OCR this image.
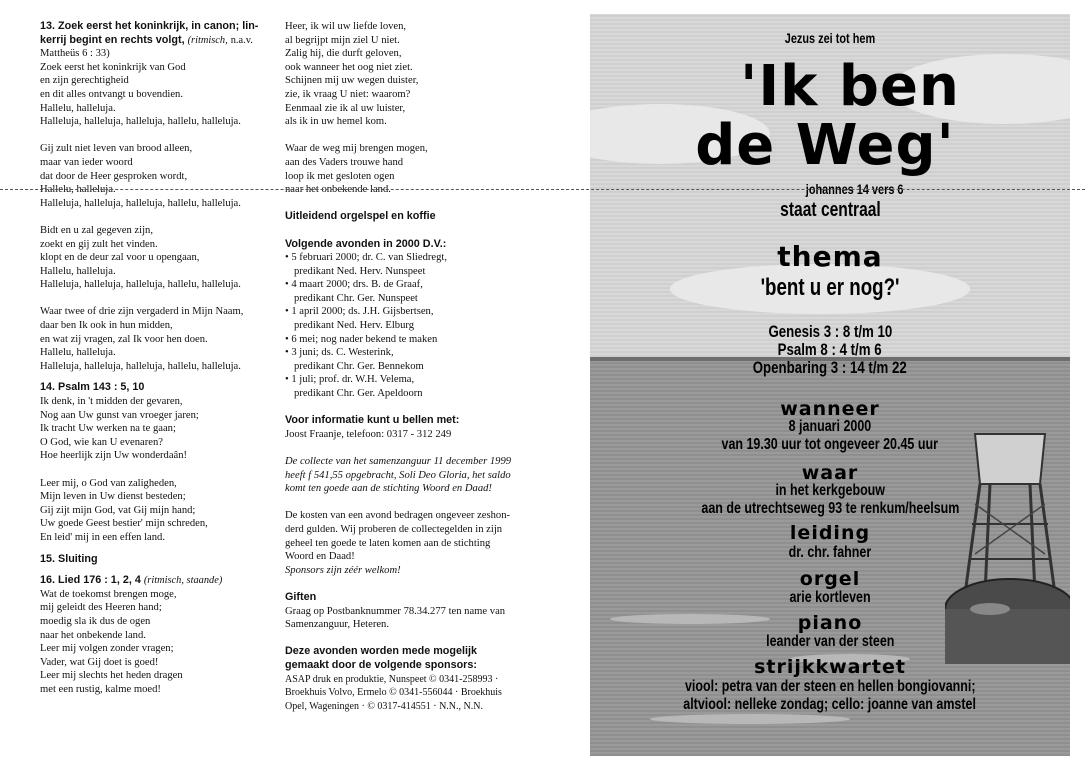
13. Zoek eerst het koninkrijk, in canon; lin-
kerrij begint en rechts volgt, (ritmisch, n.a.v.
Mattheüs 6 : 33)
Zoek eerst het koninkrijk van God
en zijn gerechtigheid
en dit alles ontvangt u bovendien.
Hallelu, halleluja.
Halleluja, halleluja, halleluja, hallelu, halleluja.
Gij zult niet leven van brood alleen,
maar van ieder woord
dat door de Heer gesproken wordt,
Hallelu, halleluja.
Halleluja, halleluja, halleluja, hallelu, halleluja.
Bidt en u zal gegeven zijn,
zoekt en gij zult het vinden.
klopt en de deur zal voor u opengaan,
Hallelu, halleluja.
Halleluja, halleluja, halleluja, hallelu, halleluja.
Waar twee of drie zijn vergaderd in Mijn Naam,
daar ben Ik ook in hun midden,
en wat zij vragen, zal Ik voor hen doen.
Hallelu, halleluja.
Halleluja, halleluja, halleluja, hallelu, halleluja.
14. Psalm 143 : 5, 10
Ik denk, in 't midden der gevaren,
Nog aan Uw gunst van vroeger jaren;
Ik tracht Uw werken na te gaan;
O God, wie kan U evenaren?
Hoe heerlijk zijn Uw wonderdaân!
Leer mij, o God van zaligheden,
Mijn leven in Uw dienst besteden;
Gij zijt mijn God, vat Gij mijn hand;
Uw goede Geest bestier' mijn schreden,
En leid' mij in een effen land.
15. Sluiting
16. Lied 176 : 1, 2, 4 (ritmisch, staande)
Wat de toekomst brengen moge,
mij geleidt des Heeren hand;
moedig sla ik dus de ogen
naar het onbekende land.
Leer mij volgen zonder vragen;
Vader, wat Gij doet is goed!
Leer mij slechts het heden dragen
met een rustig, kalme moed!
Heer, ik wil uw liefde loven,
al begrijpt mijn ziel U niet.
Zalig hij, die durft geloven,
ook wanneer het oog niet ziet.
Schijnen mij uw wegen duister,
zie, ik vraag U niet: waarom?
Eenmaal zie ik al uw luister,
als ik in uw hemel kom.
Waar de weg mij brengen mogen,
aan des Vaders trouwe hand
loop ik met gesloten ogen
naar het onbekende land.
Uitleidend orgelspel en koffie
Volgende avonden in 2000 D.V.:
• 5 februari 2000; dr. C. van Sliedregt,
predikant Ned. Herv. Nunspeet
• 4 maart 2000; drs. B. de Graaf,
predikant Chr. Ger. Nunspeet
• 1 april 2000; ds. J.H. Gijsbertsen,
predikant Ned. Herv. Elburg
• 6 mei; nog nader bekend te maken
• 3 juni; ds. C. Westerink,
predikant Chr. Ger. Bennekom
• 1 juli; prof. dr. W.H. Velema,
predikant Chr. Ger. Apeldoorn
Voor informatie kunt u bellen met:
Joost Fraanje, telefoon: 0317 - 312 249
De collecte van het samenzanguur 11 december 1999
heeft f 541,55 opgebracht, Soli Deo Gloria, het saldo
komt ten goede aan de stichting Woord en Daad!
De kosten van een avond bedragen ongeveer zeshon-
derd gulden. Wij proberen de collectegelden in zijn
geheel ten goede te laten komen aan de stichting
Woord en Daad!
Sponsors zijn zéér welkom!
Giften
Graag op Postbanknummer 78.34.277 ten name van
Samenzanguur, Heteren.
Deze avonden worden mede mogelijk
gemaakt door de volgende sponsors:
ASAP druk en produktie, Nunspeet © 0341-258993 ·
Broekhuis Volvo, Ermelo © 0341-556044 · Broekhuis
Opel, Wageningen · © 0317-414551 · N.N., N.N.
Jezus zei tot hem
'Ik ben
de Weg'
johannes 14 vers 6
staat centraal
thema
'bent u er nog?'
Genesis 3 : 8 t/m 10
Psalm 8 : 4 t/m 6
Openbaring 3 : 14 t/m 22
wanneer
8 januari 2000
van 19.30 uur tot ongeveer 20.45 uur
waar
in het kerkgebouw
aan de utrechtseweg 93 te renkum/heelsum
leiding
dr. chr. fahner
orgel
arie kortleven
piano
leander van der steen
strijkkwartet
viool: petra van der steen en hellen bongiovanni;
altviool: nelleke zondag; cello: joanne van amstel
